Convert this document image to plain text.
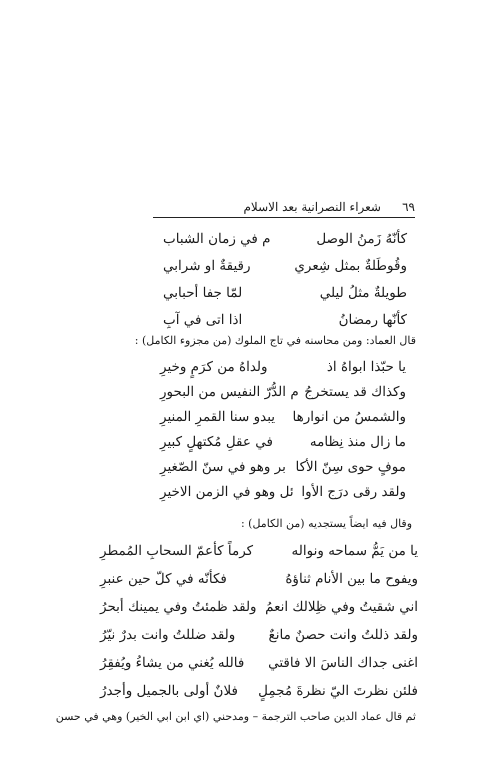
٦٩
شعراء النصرانية بعد الاسلام
كأنّهُ زَمنُ الوصل
م في زمان الشباب
وقُوطَلةٌ بمثل شِعري
رقيقةٌ او شرابي
طويلةٌ مثلُ ليلي
لمّا جفا أحبابي
كأنّها رمضانُ
اذا اتى في آبِ
قال العماد: ومن محاسنه في تاج الملوك (من مجزوء الكامل) :
يا حبّذا ابواهُ اذ
ولداهُ من كرَمٍ وخيرِ
وكذاك قد يستخرجُ
م الدُّرّ النفيس من البحورِ
والشمسُ من انوارها
يبدو سنا القمرِ المنيرِ
ما زال منذ نِظامه
في عقلِ مُكتهلٍ كبيرِ
موفٍ حوى سِنّ الأكا
بر وهو في سنّ الصّغيرِ
ولقد رقى درَج الأوا
ئل وهو في الزمن الاخيرِ
وقال فيه ايضاً يستجديه (من الكامل) :
يا من يَمُّ سماحه ونواله
كرماً كأعمّ السحابِ المُمطرِ
ويفوح ما بين الأنام ثناؤهُ
فكأنّه في كلّ حين عنبرِ
اني شقيتُ وفي ظِلالك انعمُ
ولقد ظمئتُ وفي يمينك أبحرُ
ولقد ذللتُ وانت حصنٌ مانعٌ
ولقد ضللتُ وانت بدرٌ نيّرُ
اغنى جداك الناسَ الا فاقتي
فالله يُغني من يشاءُ ويُفقِرُ
فلئن نظرتَ اليّ نظرةَ مُجمِلٍ
فلانٌ أولى بالجميل وأجدرُ
ثم قال عماد الدين صاحب الترجمة – ومدحني (اي ابن ابي الخير) وهي في حسن
